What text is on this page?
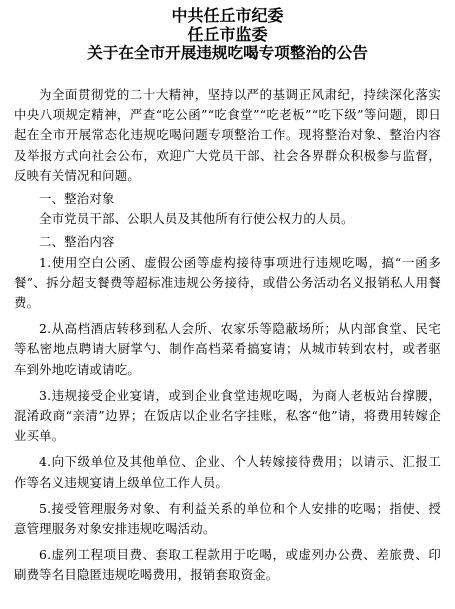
中共任丘市纪委

任丘市监委

关于在全市开展违规吃喝专项整治的公告

为全面贯彻党的二十大精神，坚持以严的基调正风肃纪，持续深化落实中央八项规定精神，严查“吃公函”“吃食堂”“吃老板”“吃下级”等问题，即日起在全市开展常态化违规吃喝问题专项整治工作。现将整治对象、整治内容及举报方式向社会公布，欢迎广大党员干部、社会各界群众积极参与监督，反映有关情况和问题。

一、整治对象

全市党员干部、公职人员及其他所有行使公权力的人员。

二、整治内容

1.使用空白公函、虚假公函等虚构接待事项进行违规吃喝，搞“一函多餐”、拆分超支餐费等超标准违规公务接待，或借公务活动名义报销私人用餐费。

2.从高档酒店转移到私人会所、农家乐等隐蔽场所；从内部食堂、民宅等私密地点聘请大厨掌勺、制作高档菜肴搞宴请；从城市转到农村，或者驱车到外地吃请或请吃。

3.违规接受企业宴请，或到企业食堂违规吃喝，为商人老板站台撑腰，混淆政商“亲清”边界；在饭店以企业名字挂账，私客“他”请，将费用转嫁企业买单。

4.向下级单位及其他单位、企业、个人转嫁接待费用；以请示、汇报工作等名义违规宴请上级单位工作人员。

5.接受管理服务对象、有利益关系的单位和个人安排的吃喝；指使、授意管理服务对象安排违规吃喝活动。

6.虚列工程项目费、套取工程款用于吃喝，或虚列办公费、差旅费、印刷费等名目隐匿违规吃喝费用，报销套取资金。
